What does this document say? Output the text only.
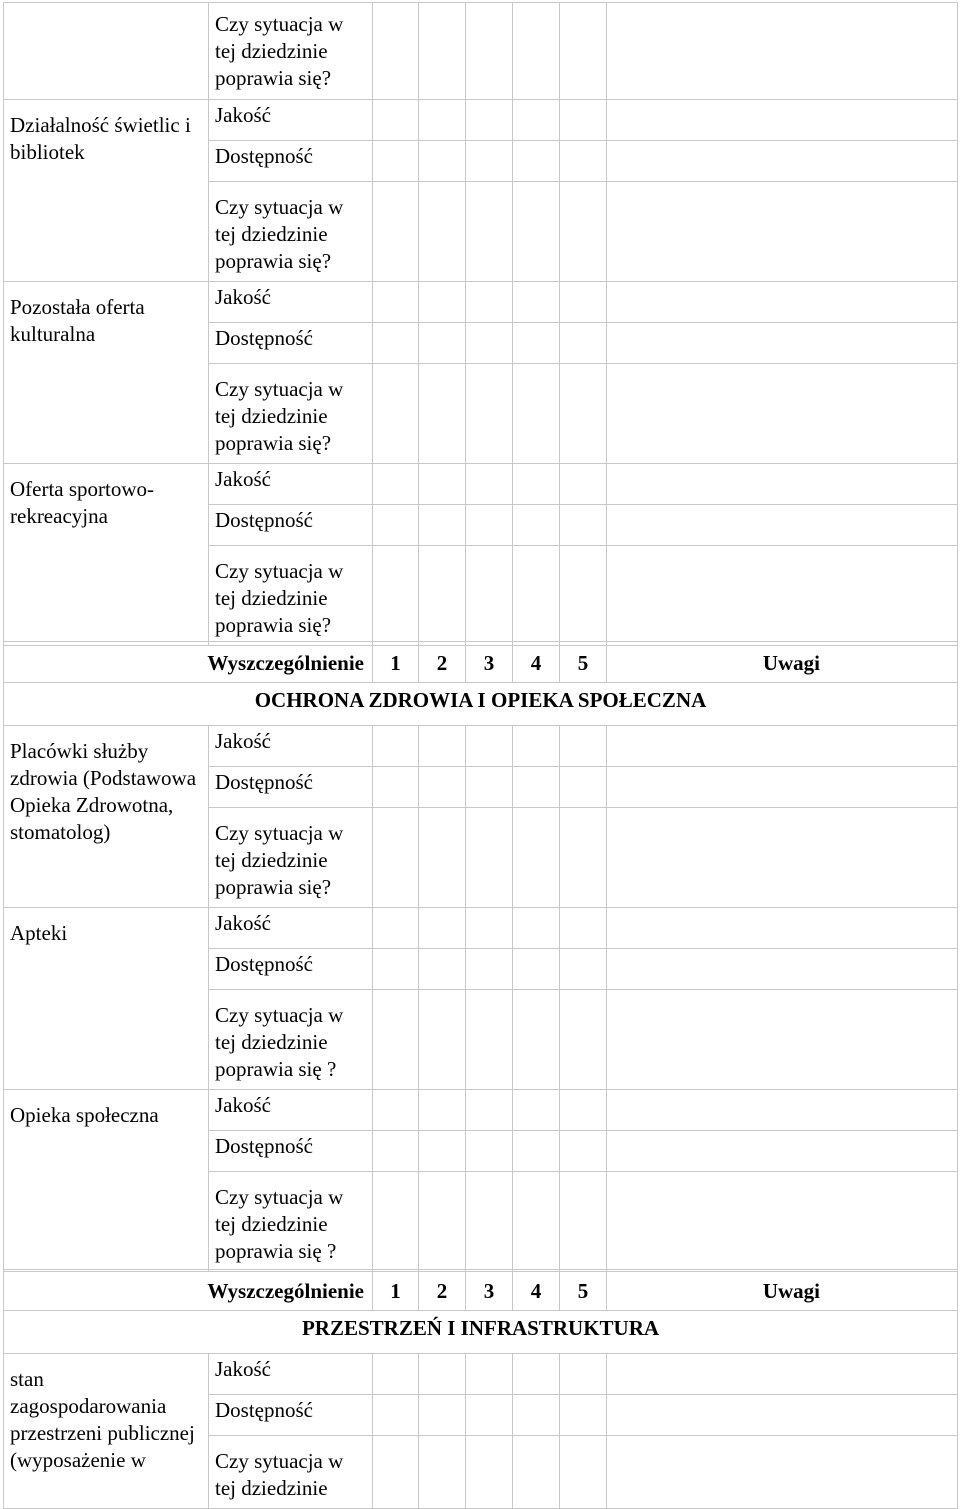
	Czy sytuacja w
tej dziedzinie
poprawia się?						

Działalność świetlic i bibliotek	Jakość						
	Dostępność						

	Czy sytuacja w
tej dziedzinie
poprawia się?						

Pozostała oferta kulturalna	Jakość						
	Dostępność						

	Czy sytuacja w
tej dziedzinie
poprawia się?						

Oferta sportowo-rekreacyjna	Jakość						
	Dostępność						

	Czy sytuacja w
tej dziedzinie
poprawia się?						

Wyszczególnienie		1	2	3	4	5	Uwagi
OCHRONA ZDROWIA I OPIEKA SPOŁECZNA							
Placówki służby zdrowia (Podstawowa Opieka Zdrowotna, stomatolog)	Jakość						
	Dostępność						

	Czy sytuacja w
tej dziedzinie
poprawia się?						

Apteki	Jakość						
	Dostępność						

	Czy sytuacja w
tej dziedzinie
poprawia się ?						

Opieka społeczna	Jakość						
	Dostępność						

	Czy sytuacja w
tej dziedzinie
poprawia się ?						

Wyszczególnienie		1	2	3	4	5	Uwagi
PRZESTRZEŃ I INFRASTRUKTURA							
stan zagospodarowania przestrzeni publicznej (wyposażenie w	Jakość						
	Dostępność						

	Czy sytuacja w
tej dziedzinie						
